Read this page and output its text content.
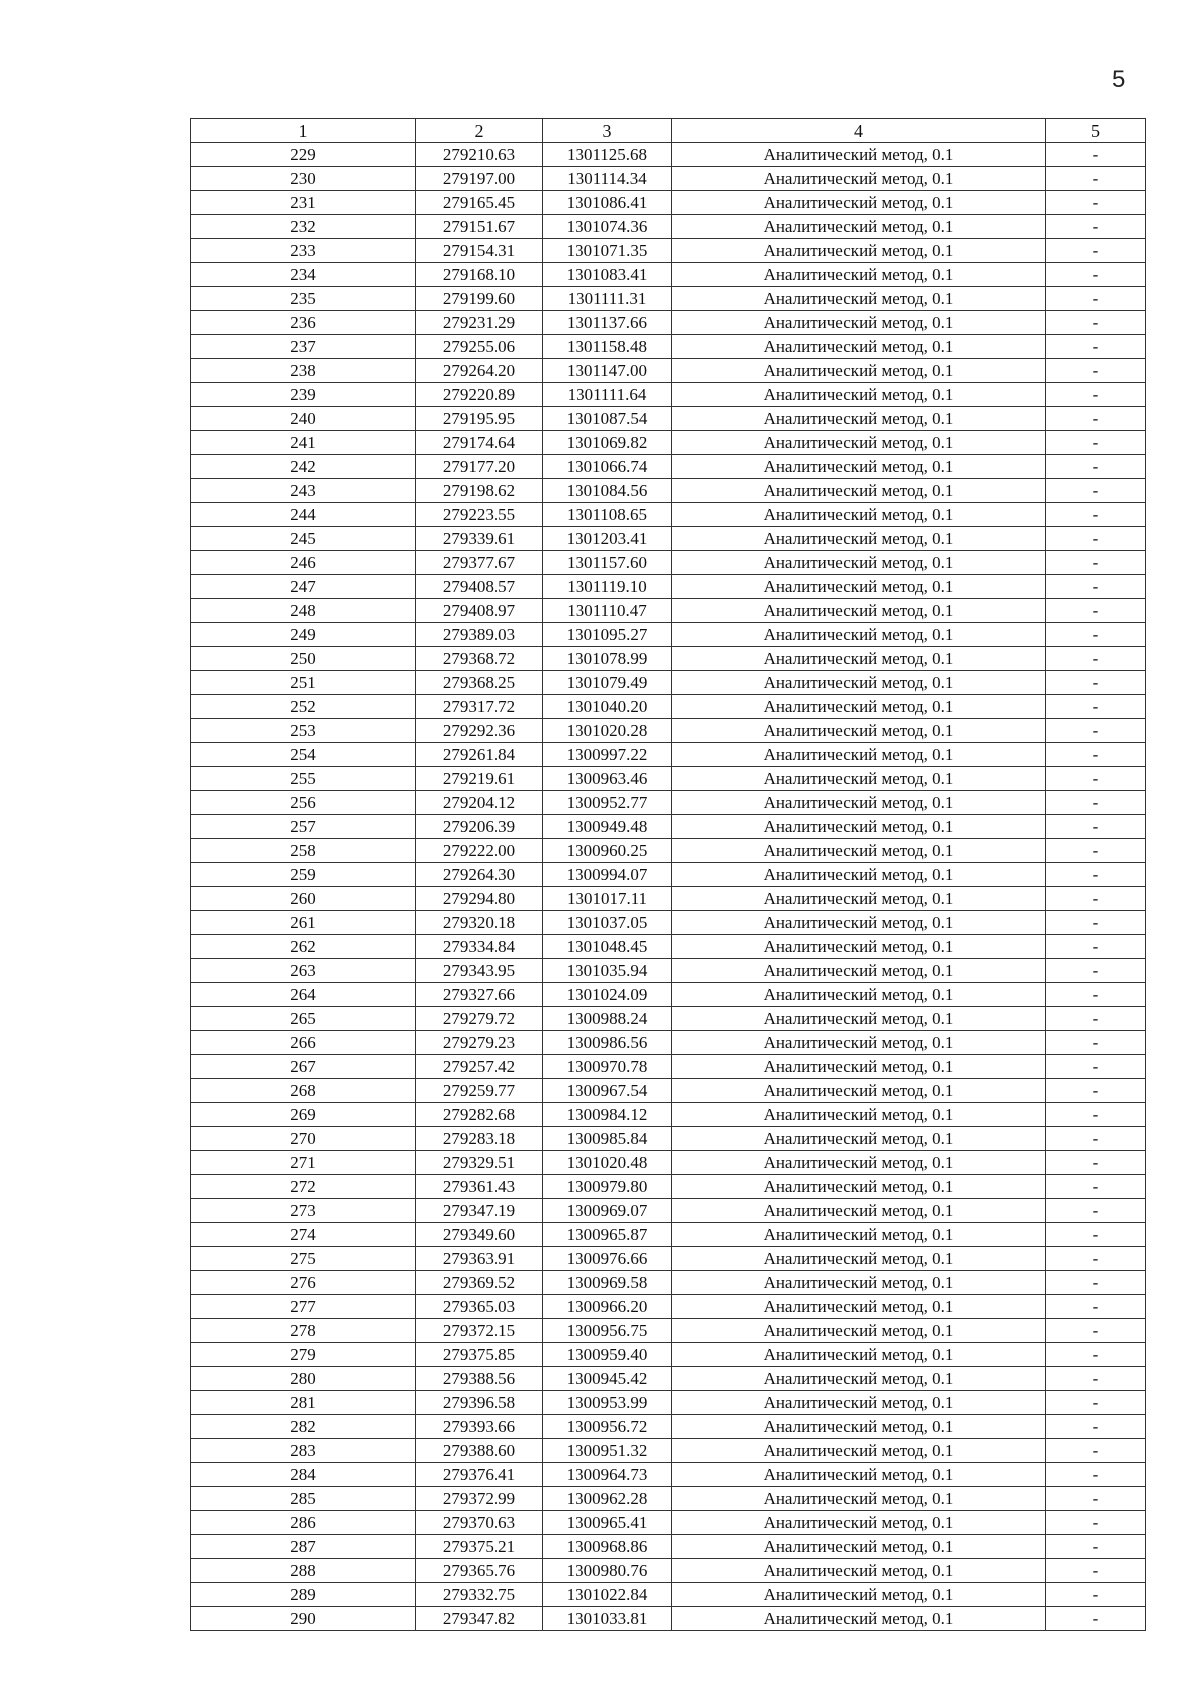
5
1	2	3	4	5
229	279210.63	1301125.68	Аналитический метод, 0.1	-
230	279197.00	1301114.34	Аналитический метод, 0.1	-
231	279165.45	1301086.41	Аналитический метод, 0.1	-
232	279151.67	1301074.36	Аналитический метод, 0.1	-
233	279154.31	1301071.35	Аналитический метод, 0.1	-
234	279168.10	1301083.41	Аналитический метод, 0.1	-
235	279199.60	1301111.31	Аналитический метод, 0.1	-
236	279231.29	1301137.66	Аналитический метод, 0.1	-
237	279255.06	1301158.48	Аналитический метод, 0.1	-
238	279264.20	1301147.00	Аналитический метод, 0.1	-
239	279220.89	1301111.64	Аналитический метод, 0.1	-
240	279195.95	1301087.54	Аналитический метод, 0.1	-
241	279174.64	1301069.82	Аналитический метод, 0.1	-
242	279177.20	1301066.74	Аналитический метод, 0.1	-
243	279198.62	1301084.56	Аналитический метод, 0.1	-
244	279223.55	1301108.65	Аналитический метод, 0.1	-
245	279339.61	1301203.41	Аналитический метод, 0.1	-
246	279377.67	1301157.60	Аналитический метод, 0.1	-
247	279408.57	1301119.10	Аналитический метод, 0.1	-
248	279408.97	1301110.47	Аналитический метод, 0.1	-
249	279389.03	1301095.27	Аналитический метод, 0.1	-
250	279368.72	1301078.99	Аналитический метод, 0.1	-
251	279368.25	1301079.49	Аналитический метод, 0.1	-
252	279317.72	1301040.20	Аналитический метод, 0.1	-
253	279292.36	1301020.28	Аналитический метод, 0.1	-
254	279261.84	1300997.22	Аналитический метод, 0.1	-
255	279219.61	1300963.46	Аналитический метод, 0.1	-
256	279204.12	1300952.77	Аналитический метод, 0.1	-
257	279206.39	1300949.48	Аналитический метод, 0.1	-
258	279222.00	1300960.25	Аналитический метод, 0.1	-
259	279264.30	1300994.07	Аналитический метод, 0.1	-
260	279294.80	1301017.11	Аналитический метод, 0.1	-
261	279320.18	1301037.05	Аналитический метод, 0.1	-
262	279334.84	1301048.45	Аналитический метод, 0.1	-
263	279343.95	1301035.94	Аналитический метод, 0.1	-
264	279327.66	1301024.09	Аналитический метод, 0.1	-
265	279279.72	1300988.24	Аналитический метод, 0.1	-
266	279279.23	1300986.56	Аналитический метод, 0.1	-
267	279257.42	1300970.78	Аналитический метод, 0.1	-
268	279259.77	1300967.54	Аналитический метод, 0.1	-
269	279282.68	1300984.12	Аналитический метод, 0.1	-
270	279283.18	1300985.84	Аналитический метод, 0.1	-
271	279329.51	1301020.48	Аналитический метод, 0.1	-
272	279361.43	1300979.80	Аналитический метод, 0.1	-
273	279347.19	1300969.07	Аналитический метод, 0.1	-
274	279349.60	1300965.87	Аналитический метод, 0.1	-
275	279363.91	1300976.66	Аналитический метод, 0.1	-
276	279369.52	1300969.58	Аналитический метод, 0.1	-
277	279365.03	1300966.20	Аналитический метод, 0.1	-
278	279372.15	1300956.75	Аналитический метод, 0.1	-
279	279375.85	1300959.40	Аналитический метод, 0.1	-
280	279388.56	1300945.42	Аналитический метод, 0.1	-
281	279396.58	1300953.99	Аналитический метод, 0.1	-
282	279393.66	1300956.72	Аналитический метод, 0.1	-
283	279388.60	1300951.32	Аналитический метод, 0.1	-
284	279376.41	1300964.73	Аналитический метод, 0.1	-
285	279372.99	1300962.28	Аналитический метод, 0.1	-
286	279370.63	1300965.41	Аналитический метод, 0.1	-
287	279375.21	1300968.86	Аналитический метод, 0.1	-
288	279365.76	1300980.76	Аналитический метод, 0.1	-
289	279332.75	1301022.84	Аналитический метод, 0.1	-
290	279347.82	1301033.81	Аналитический метод, 0.1	-
